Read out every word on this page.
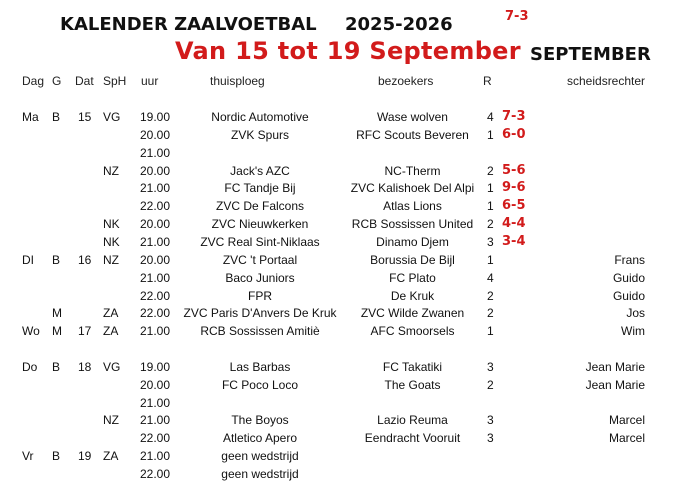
KALENDER ZAALVOETBAL 2025-2026	7-3
Van 15 tot 19 September SEPTEMBER
Dag G Dat SpH uur	thuisploeg	bezoekers	R	scheidsrechter
Ma B 15 VG 19.00	Nordic Automotive	Wase wolven	4 7-3
20.00	ZVK Spurs	RFC Scouts Beveren	1 6-0
21.00
NZ 20.00	Jack's AZC	NC-Therm	2 5-6
21.00	FC Tandje Bij	ZVC Kalishoek Del Alpi	1 9-6
22.00	ZVC De Falcons	Atlas Lions	1 6-5
NK 20.00	ZVC Nieuwkerken	RCB Sossissen United	2 4-4
NK 21.00	ZVC Real Sint-Niklaas	Dinamo Djem	3 3-4
DI B 16 NZ 20.00	ZVC 't Portaal	Borussia De Bijl	1	Frans
21.00	Baco Juniors	FC Plato	4	Guido
22.00	FPR	De Kruk	2	Guido
M	ZA 22.00	ZVC Paris D'Anvers De Kruk	ZVC Wilde Zwanen	2	Jos
Wo M 17 ZA 21.00	RCB Sossissen Amitiè	AFC Smoorsels	1	Wim
Do B 18 VG 19.00	Las Barbas	FC Takatiki	3	Jean Marie
20.00	FC Poco Loco	The Goats	2	Jean Marie
21.00
NZ 21.00	The Boyos	Lazio Reuma	3	Marcel
22.00	Atletico Apero	Eendracht Vooruit	3	Marcel
Vr B 19 ZA 21.00	geen wedstrijd
22.00	geen wedstrijd
